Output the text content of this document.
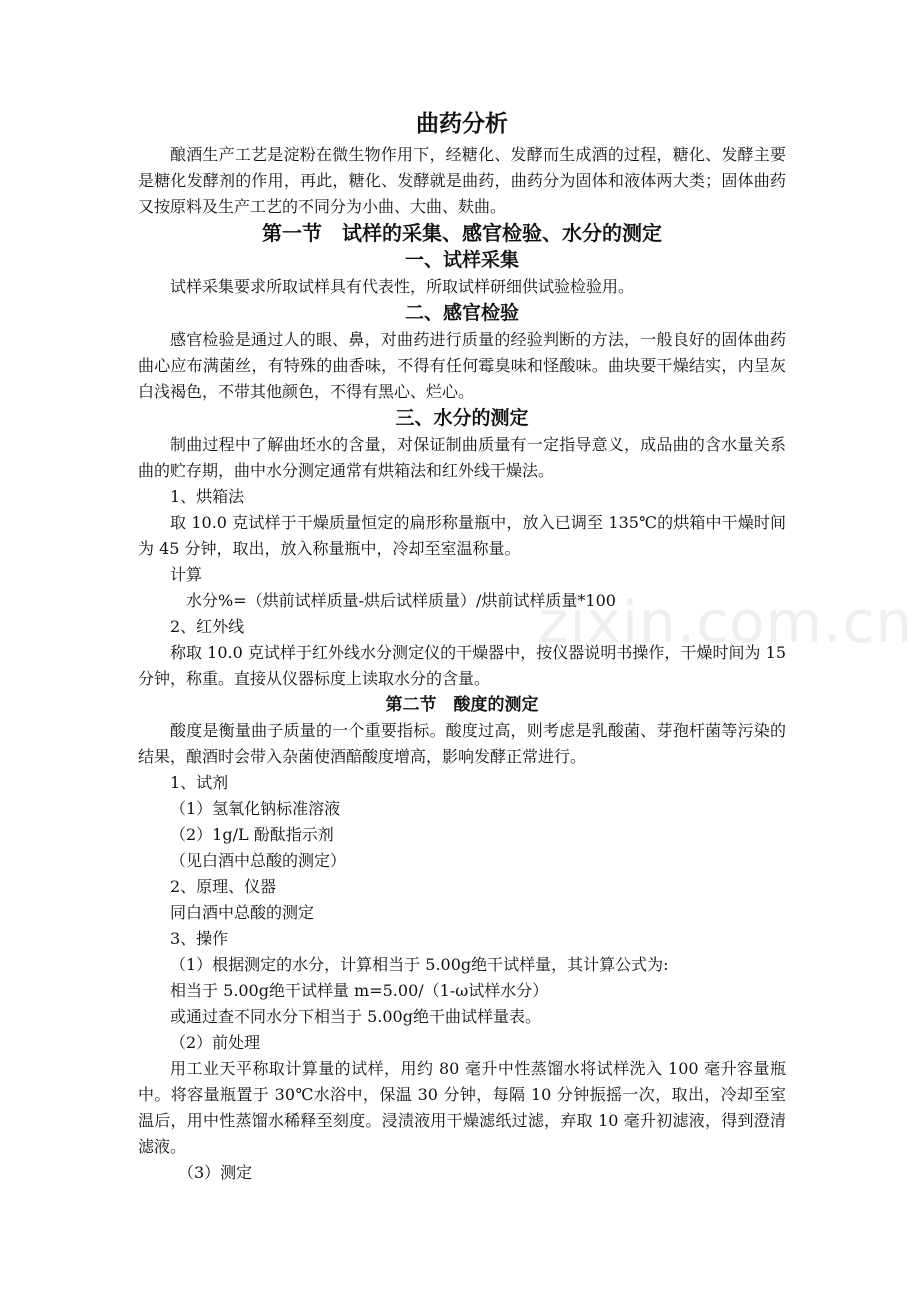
曲药分析

酿酒生产工艺是淀粉在微生物作用下，经糖化、发酵而生成酒的过程，糖化、发酵主要是糖化发酵剂的作用，再此，糖化、发酵就是曲药，曲药分为固体和液体两大类；固体曲药又按原料及生产工艺的不同分为小曲、大曲、麸曲。

第一节　试样的采集、感官检验、水分的测定
一、试样采集

试样采集要求所取试样具有代表性，所取试样研细供试验检验用。

二、感官检验

感官检验是通过人的眼、鼻，对曲药进行质量的经验判断的方法，一般良好的固体曲药曲心应布满菌丝，有特殊的曲香味，不得有任何霉臭味和怪酸味。曲块要干燥结实，内呈灰白浅褐色，不带其他颜色，不得有黑心、烂心。

三、水分的测定

制曲过程中了解曲坯水的含量，对保证制曲质量有一定指导意义，成品曲的含水量关系曲的贮存期，曲中水分测定通常有烘箱法和红外线干燥法。

1、烘箱法

取 10.0 克试样于干燥质量恒定的扁形称量瓶中，放入已调至 135℃的烘箱中干燥时间为 45 分钟，取出，放入称量瓶中，冷却至室温称量。

计算

水分%=（烘前试样质量-烘后试样质量）/烘前试样质量*100

2、红外线

称取 10.0 克试样于红外线水分测定仪的干燥器中，按仪器说明书操作，干燥时间为 15 分钟，称重。直接从仪器标度上读取水分的含量。

第二节　酸度的测定

酸度是衡量曲子质量的一个重要指标。酸度过高，则考虑是乳酸菌、芽孢杆菌等污染的结果，酿酒时会带入杂菌使酒醅酸度增高，影响发酵正常进行。

1、试剂

（1）氢氧化钠标准溶液

（2）1g/L 酚酞指示剂

（见白酒中总酸的测定）

2、原理、仪器

同白酒中总酸的测定

3、操作

（1）根据测定的水分，计算相当于 5.00g绝干试样量，其计算公式为:

相当于 5.00g绝干试样量 m=5.00/（1-ω试样水分）

或通过查不同水分下相当于 5.00g绝干曲试样量表。

（2）前处理

用工业天平称取计算量的试样，用约 80 毫升中性蒸馏水将试样洗入 100 毫升容量瓶中。将容量瓶置于 30℃水浴中，保温 30 分钟，每隔 10 分钟振摇一次，取出，冷却至室温后，用中性蒸馏水稀释至刻度。浸渍液用干燥滤纸过滤，弃取 10 毫升初滤液，得到澄清滤液。

（3）测定

zixin.com.cn
